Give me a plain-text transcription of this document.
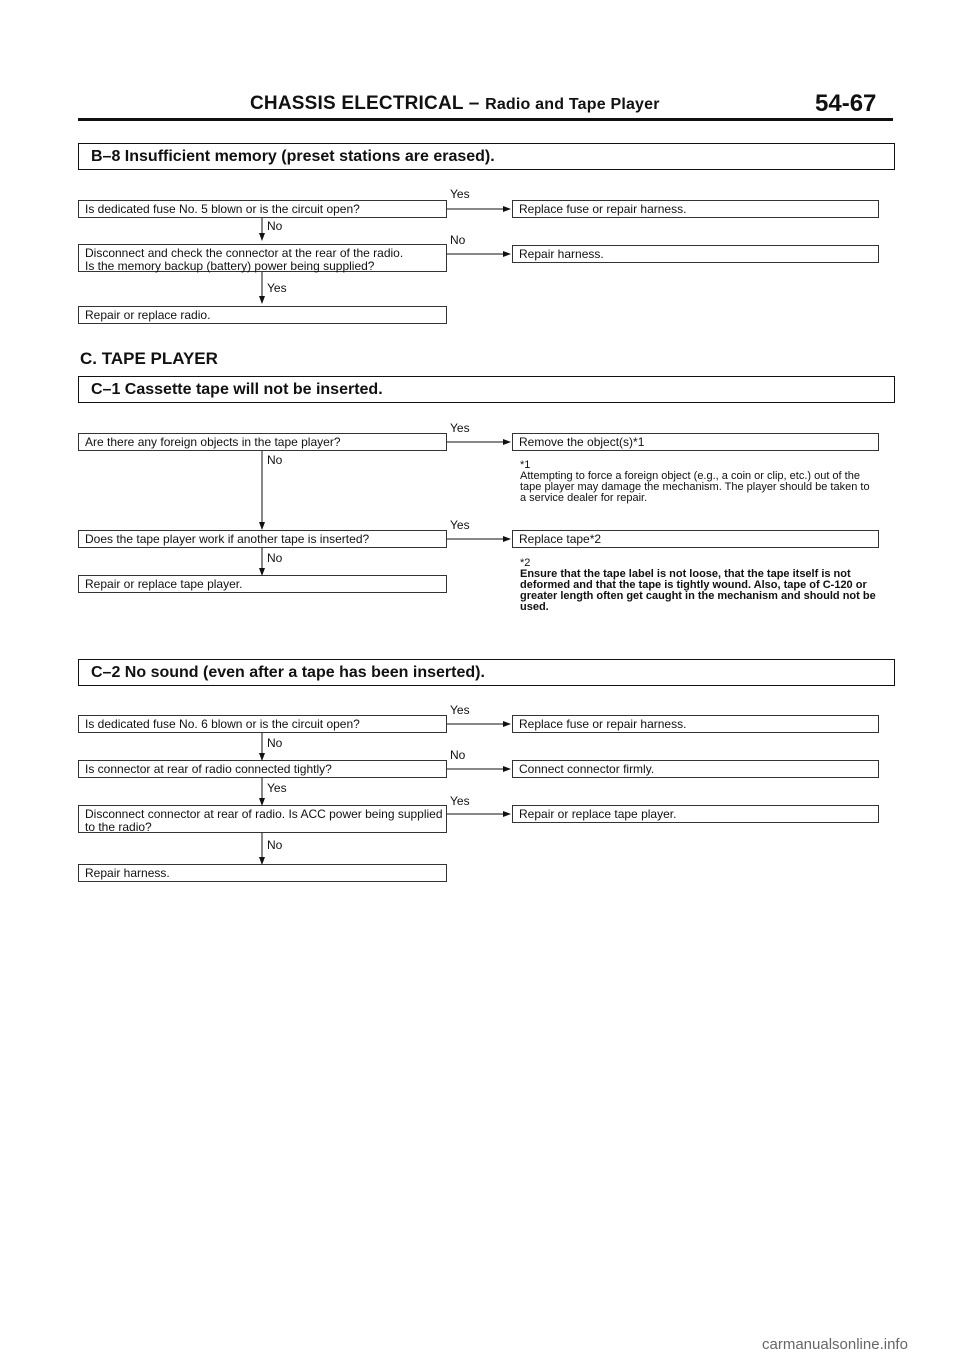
CHASSIS ELECTRICAL – Radio and Tape Player	54-67
B–8 Insufficient memory (preset stations are erased).
Is dedicated fuse No. 5 blown or is the circuit open?
Yes
Replace fuse or repair harness.
No
Disconnect and check the connector at the rear of the radio.
Is the memory backup (battery) power being supplied?
No
Repair harness.
Yes
Repair or replace radio.
C. TAPE PLAYER
C–1 Cassette tape will not be inserted.
Are there any foreign objects in the tape player?
Yes
Remove the object(s)*1
No	*1
Attempting to force a foreign object (e.g., a coin or clip, etc.) out of the tape player may damage the mechanism. The player should be taken to a service dealer for repair.
Does the tape player work if another tape is inserted?
Yes
Replace tape*2
No
Repair or replace tape player.
*2
Ensure that the tape label is not loose, that the tape itself is not deformed and that the tape is tightly wound. Also, tape of C-120 or greater length often get caught in the mechanism and should not be used.
C–2 No sound (even after a tape has been inserted).
Is dedicated fuse No. 6 blown or is the circuit open?
Yes
Replace fuse or repair harness.
No
Is connector at rear of radio connected tightly?
No
Connect connector firmly.
Yes
Disconnect connector at rear of radio. Is ACC power being supplied
to the radio?
Yes
Repair or replace tape player.
No
Repair harness.
carmanualsonline.info
